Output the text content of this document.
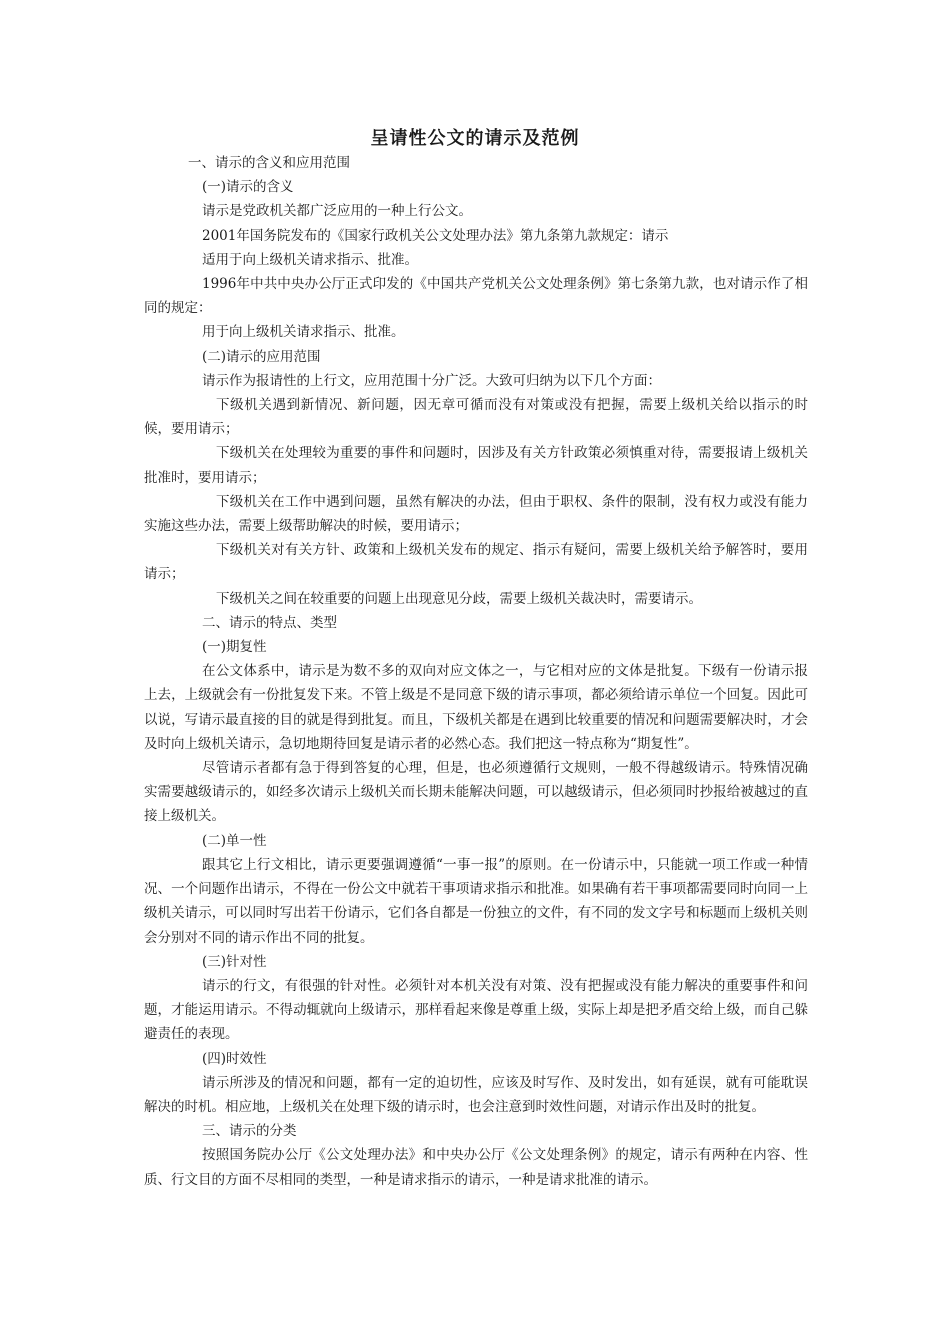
呈请性公文的请示及范例

一、请示的含义和应用范围

(一)请示的含义

请示是党政机关都广泛应用的一种上行公文。

2001年国务院发布的《国家行政机关公文处理办法》第九条第九款规定：请示

适用于向上级机关请求指示、批准。

1996年中共中央办公厅正式印发的《中国共产党机关公文处理条例》第七条第九款，也对请示作了相同的规定：

用于向上级机关请求指示、批准。

(二)请示的应用范围

请示作为报请性的上行文，应用范围十分广泛。大致可归纳为以下几个方面：

下级机关遇到新情况、新问题，因无章可循而没有对策或没有把握，需要上级机关给以指示的时候，要用请示；

下级机关在处理较为重要的事件和问题时，因涉及有关方针政策必须慎重对待，需要报请上级机关批准时，要用请示；

下级机关在工作中遇到问题，虽然有解决的办法，但由于职权、条件的限制，没有权力或没有能力实施这些办法，需要上级帮助解决的时候，要用请示；

下级机关对有关方针、政策和上级机关发布的规定、指示有疑问，需要上级机关给予解答时，要用请示；

下级机关之间在较重要的问题上出现意见分歧，需要上级机关裁决时，需要请示。

二、请示的特点、类型

(一)期复性

在公文体系中，请示是为数不多的双向对应文体之一，与它相对应的文体是批复。下级有一份请示报上去，上级就会有一份批复发下来。不管上级是不是同意下级的请示事项，都必须给请示单位一个回复。因此可以说，写请示最直接的目的就是得到批复。而且，下级机关都是在遇到比较重要的情况和问题需要解决时，才会及时向上级机关请示，急切地期待回复是请示者的必然心态。我们把这一特点称为“期复性”。

尽管请示者都有急于得到答复的心理，但是，也必须遵循行文规则，一般不得越级请示。特殊情况确实需要越级请示的，如经多次请示上级机关而长期未能解决问题，可以越级请示，但必须同时抄报给被越过的直接上级机关。

(二)单一性

跟其它上行文相比，请示更要强调遵循“一事一报”的原则。在一份请示中，只能就一项工作或一种情况、一个问题作出请示，不得在一份公文中就若干事项请求指示和批准。如果确有若干事项都需要同时向同一上级机关请示，可以同时写出若干份请示，它们各自都是一份独立的文件，有不同的发文字号和标题而上级机关则会分别对不同的请示作出不同的批复。

(三)针对性

请示的行文，有很强的针对性。必须针对本机关没有对策、没有把握或没有能力解决的重要事件和问题，才能运用请示。不得动辄就向上级请示，那样看起来像是尊重上级，实际上却是把矛盾交给上级，而自己躲避责任的表现。

(四)时效性

请示所涉及的情况和问题，都有一定的迫切性，应该及时写作、及时发出，如有延误，就有可能耽误解决的时机。相应地，上级机关在处理下级的请示时，也会注意到时效性问题，对请示作出及时的批复。

三、请示的分类

按照国务院办公厅《公文处理办法》和中央办公厅《公文处理条例》的规定，请示有两种在内容、性质、行文目的方面不尽相同的类型，一种是请求指示的请示，一种是请求批准的请示。
